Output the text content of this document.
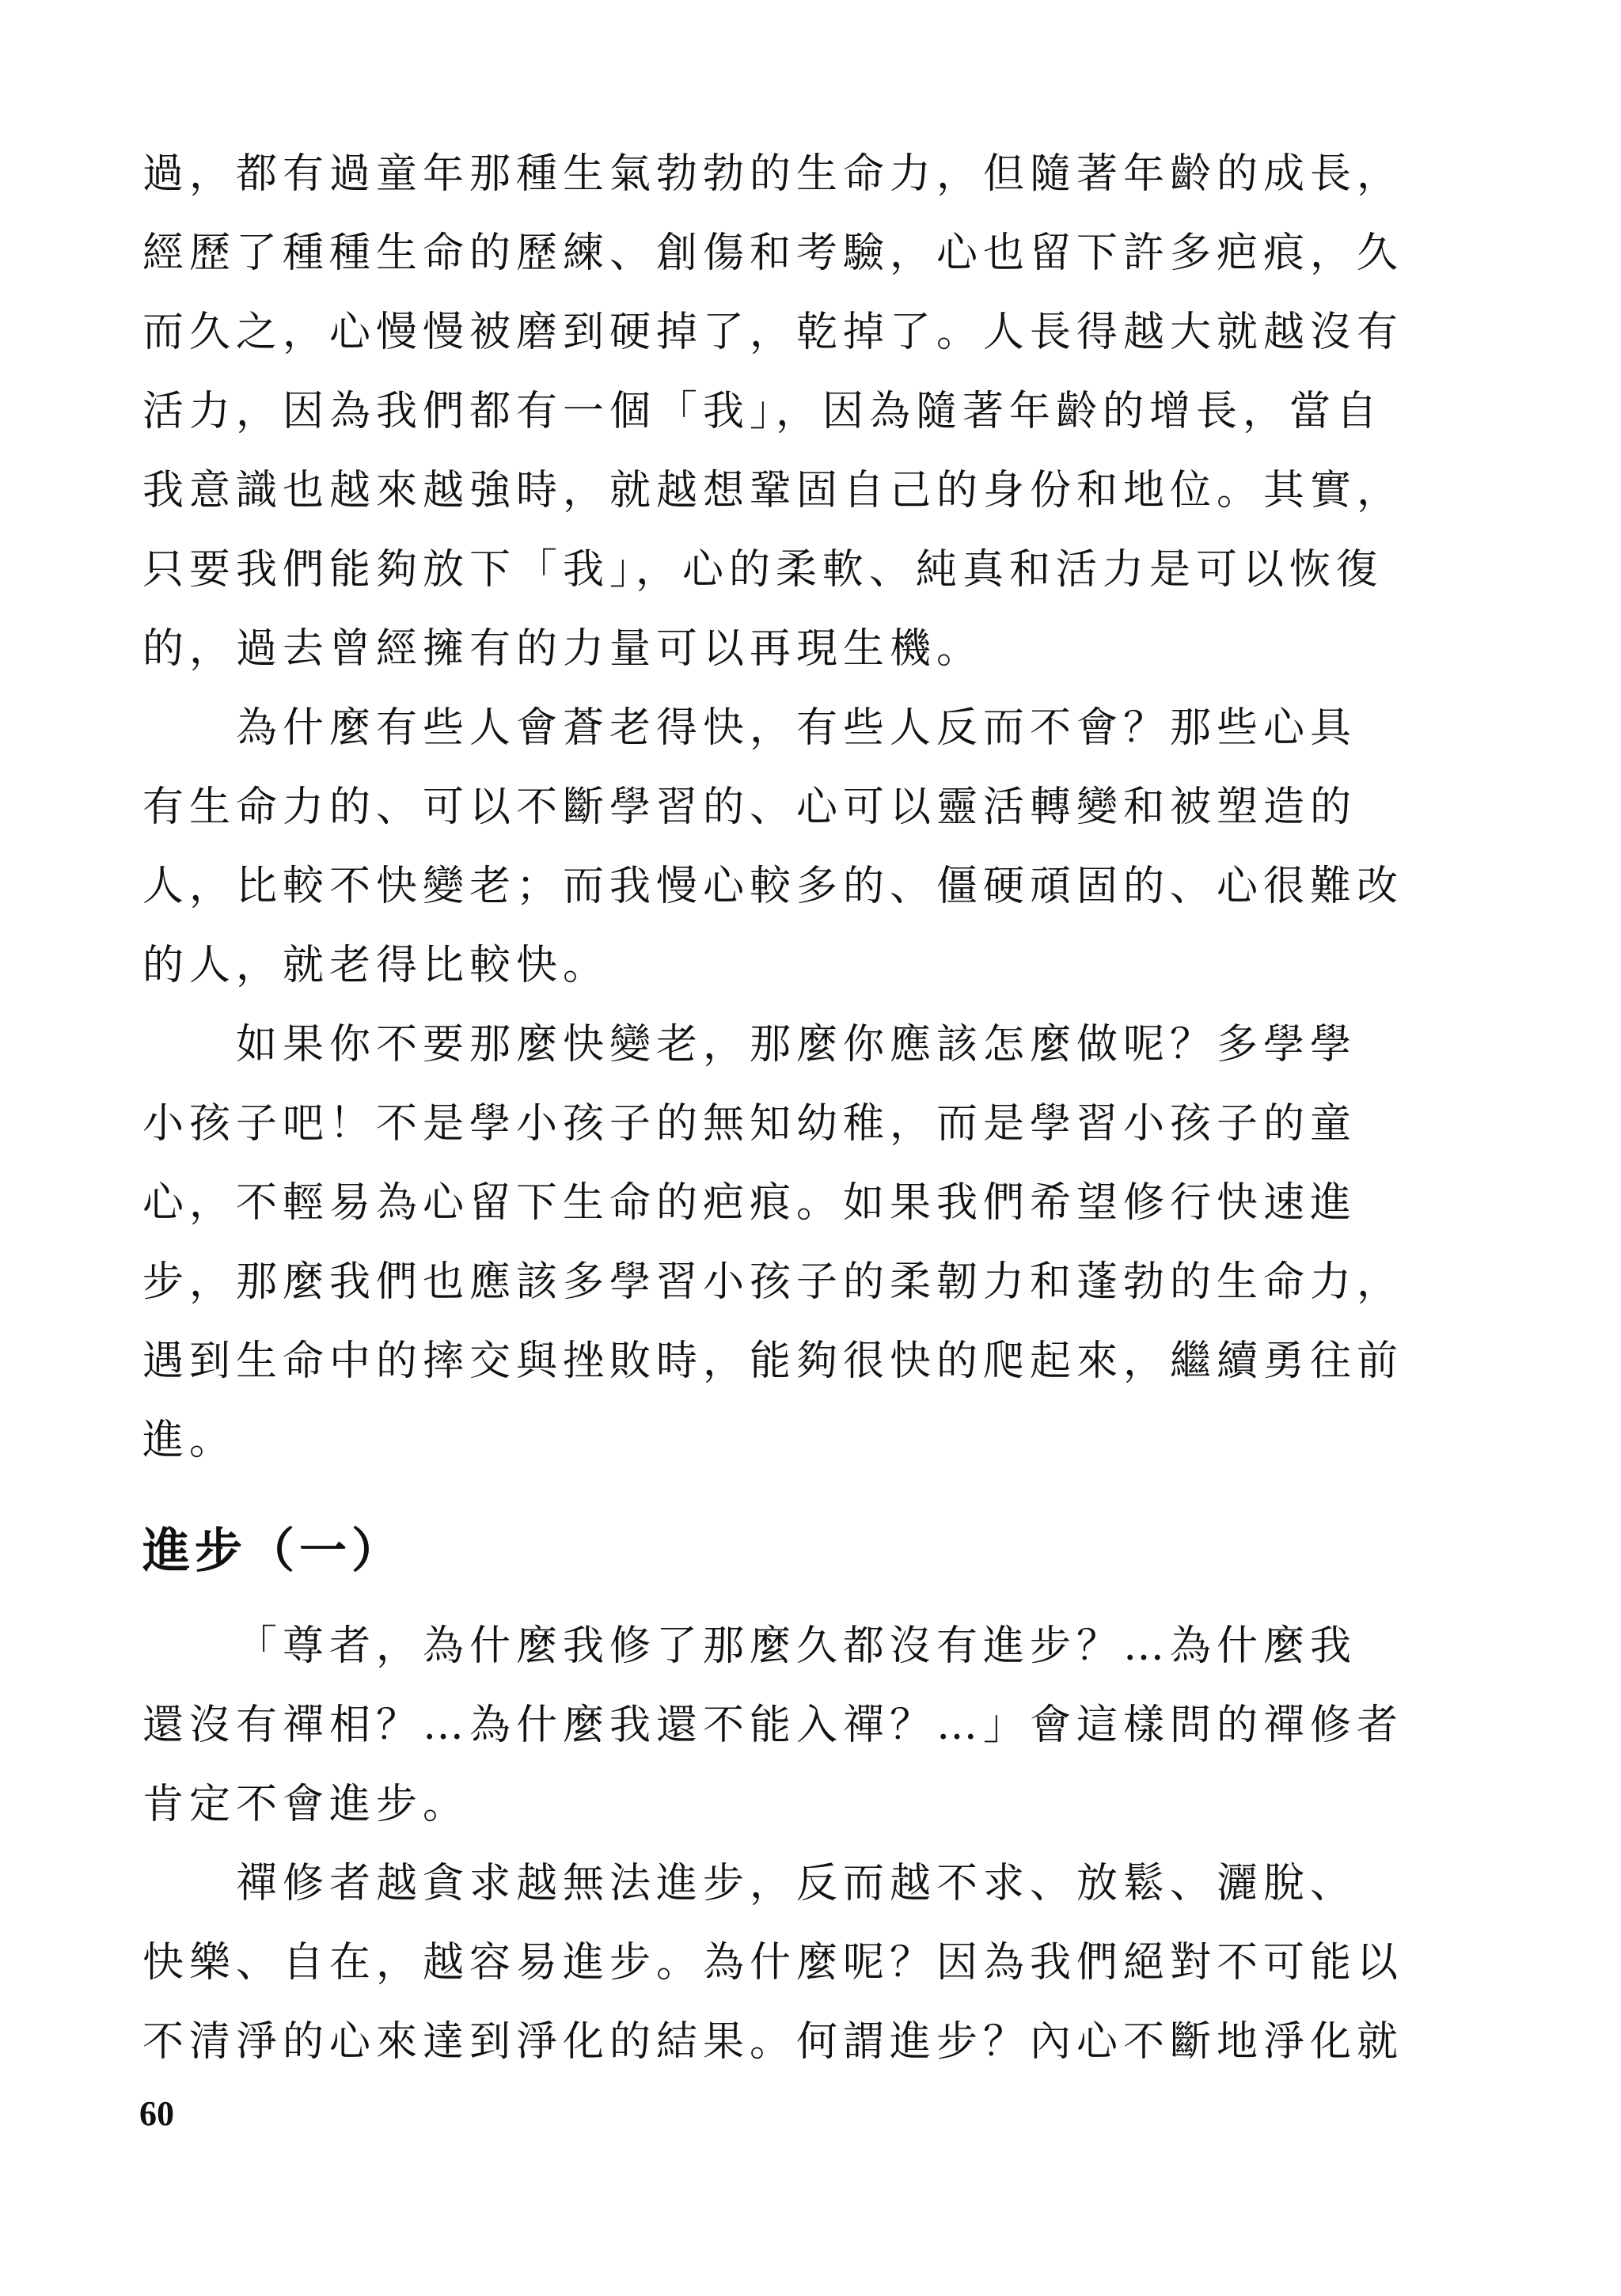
過，都有過童年那種生氣勃勃的生命力，但隨著年齡的成長，
經歷了種種生命的歷練、創傷和考驗，心也留下許多疤痕，久
而久之，心慢慢被磨到硬掉了，乾掉了。人長得越大就越沒有
活力，因為我們都有一個「我」，因為隨著年齡的增長，當自
我意識也越來越強時，就越想鞏固自己的身份和地位。其實，
只要我們能夠放下「我」，心的柔軟、純真和活力是可以恢復
的，過去曾經擁有的力量可以再現生機。
為什麼有些人會蒼老得快，有些人反而不會？那些心具
有生命力的、可以不斷學習的、心可以靈活轉變和被塑造的
人，比較不快變老；而我慢心較多的、僵硬頑固的、心很難改
的人，就老得比較快。
如果你不要那麼快變老，那麼你應該怎麼做呢？多學學
小孩子吧！不是學小孩子的無知幼稚，而是學習小孩子的童
心，不輕易為心留下生命的疤痕。如果我們希望修行快速進
步，那麼我們也應該多學習小孩子的柔韌力和蓬勃的生命力，
遇到生命中的摔交與挫敗時，能夠很快的爬起來，繼續勇往前
進。
進步（一）
「尊者，為什麼我修了那麼久都沒有進步？…為什麼我
還沒有禪相？…為什麼我還不能入禪？…」會這樣問的禪修者
肯定不會進步。
禪修者越貪求越無法進步，反而越不求、放鬆、灑脫、
快樂、自在，越容易進步。為什麼呢？因為我們絕對不可能以
不清淨的心來達到淨化的結果。何謂進步？內心不斷地淨化就
60
